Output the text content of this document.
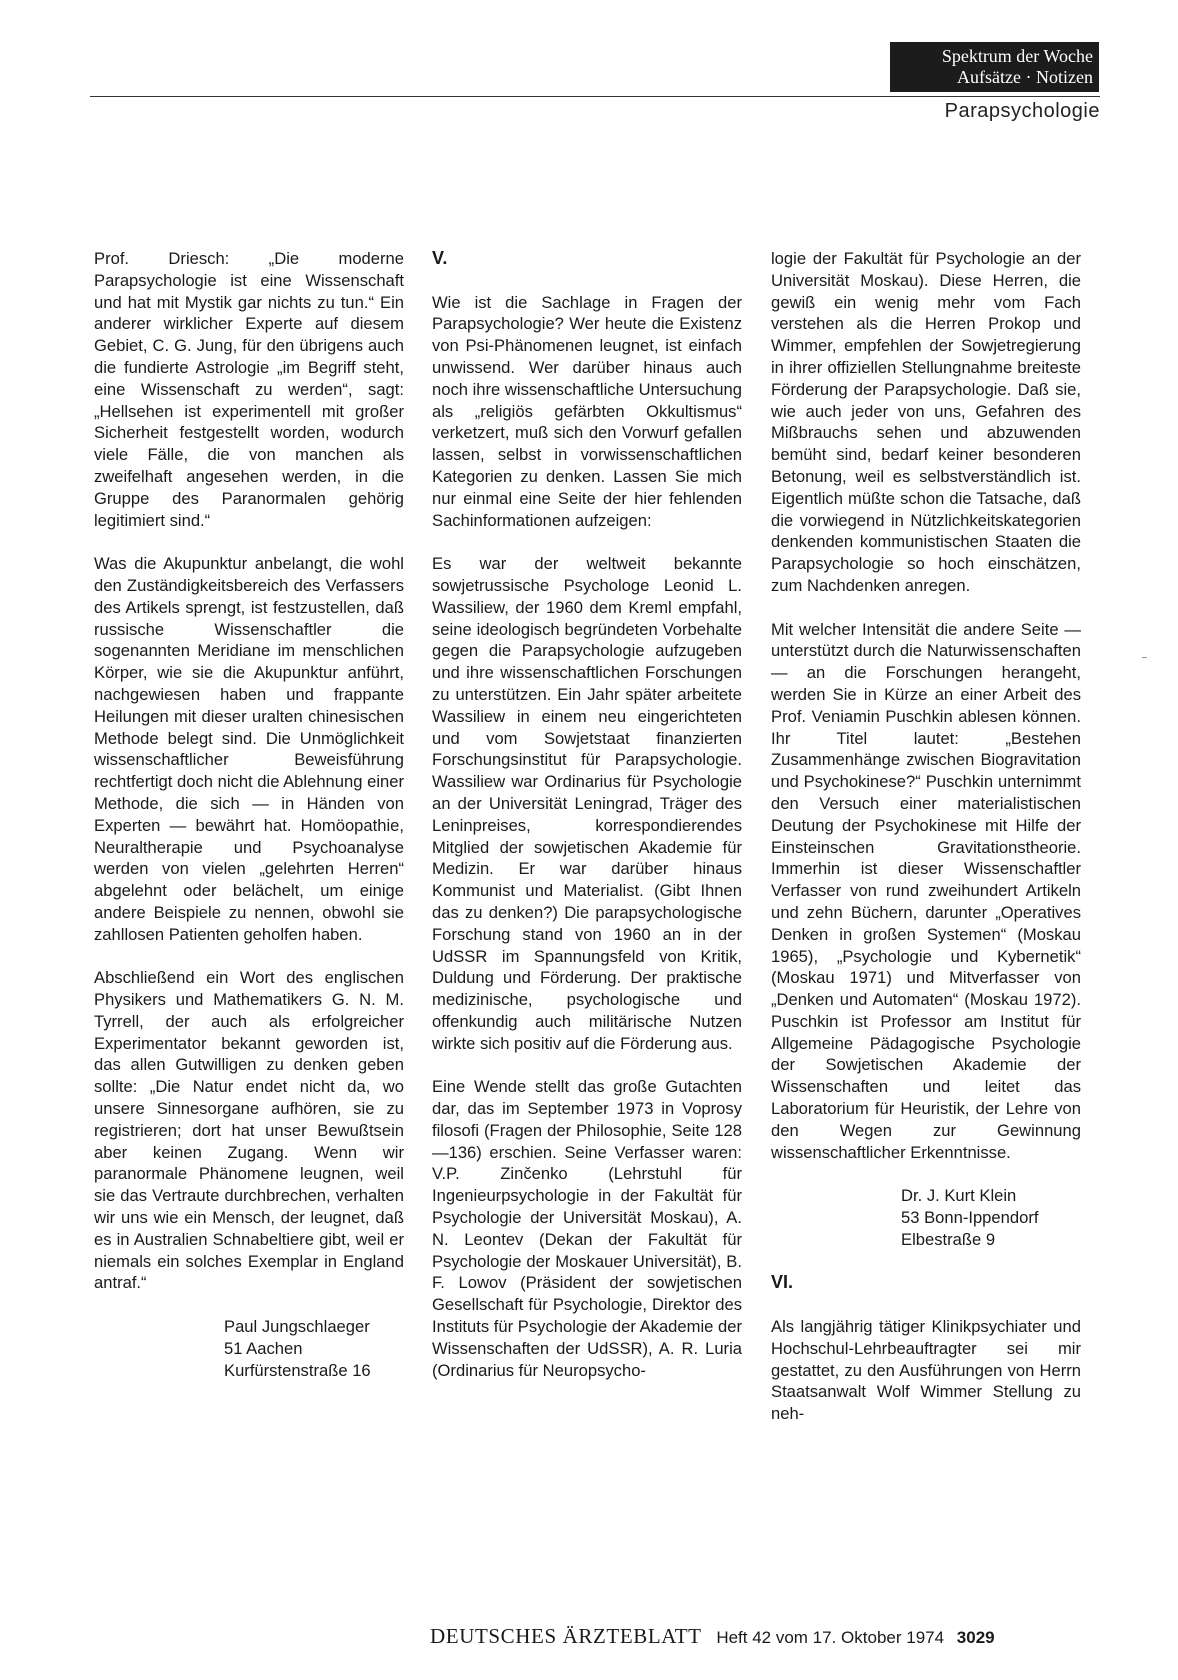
Spektrum der Woche
Aufsätze · Notizen
Parapsychologie

Prof. Driesch: „Die moderne Parapsychologie ist eine Wissenschaft und hat mit Mystik gar nichts zu tun.“ Ein anderer wirklicher Experte auf diesem Gebiet, C. G. Jung, für den übrigens auch die fundierte Astrologie „im Begriff steht, eine Wissenschaft zu werden“, sagt: „Hellsehen ist experimentell mit großer Sicherheit festgestellt worden, wodurch viele Fälle, die von manchen als zweifelhaft angesehen werden, in die Gruppe des Paranormalen gehörig legitimiert sind.“

Was die Akupunktur anbelangt, die wohl den Zuständigkeitsbereich des Verfassers des Artikels sprengt, ist festzustellen, daß russische Wissenschaftler die sogenannten Meridiane im menschlichen Körper, wie sie die Akupunktur anführt, nachgewiesen haben und frappante Heilungen mit dieser uralten chinesischen Methode belegt sind. Die Unmöglichkeit wissenschaftlicher Beweisführung rechtfertigt doch nicht die Ablehnung einer Methode, die sich — in Händen von Experten — bewährt hat. Homöopathie, Neuraltherapie und Psychoanalyse werden von vielen „gelehrten Herren“ abgelehnt oder belächelt, um einige andere Beispiele zu nennen, obwohl sie zahllosen Patienten geholfen haben.

Abschließend ein Wort des englischen Physikers und Mathematikers G. N. M. Tyrrell, der auch als erfolgreicher Experimentator bekannt geworden ist, das allen Gutwilligen zu denken geben sollte: „Die Natur endet nicht da, wo unsere Sinnesorgane aufhören, sie zu registrieren; dort hat unser Bewußtsein aber keinen Zugang. Wenn wir paranormale Phänomene leugnen, weil sie das Vertraute durchbrechen, verhalten wir uns wie ein Mensch, der leugnet, daß es in Australien Schnabeltiere gibt, weil er niemals ein solches Exemplar in England antraf.“

Paul Jungschlaeger
51 Aachen
Kurfürstenstraße 16
V.

Wie ist die Sachlage in Fragen der Parapsychologie? Wer heute die Existenz von Psi-Phänomenen leugnet, ist einfach unwissend. Wer darüber hinaus auch noch ihre wissenschaftliche Untersuchung als „religiös gefärbten Okkultismus“ verketzert, muß sich den Vorwurf gefallen lassen, selbst in vorwissenschaftlichen Kategorien zu denken. Lassen Sie mich nur einmal eine Seite der hier fehlenden Sachinformationen aufzeigen:

Es war der weltweit bekannte sowjetrussische Psychologe Leonid L. Wassiliew, der 1960 dem Kreml empfahl, seine ideologisch begründeten Vorbehalte gegen die Parapsychologie aufzugeben und ihre wissenschaftlichen Forschungen zu unterstützen. Ein Jahr später arbeitete Wassiliew in einem neu eingerichteten und vom Sowjetstaat finanzierten Forschungsinstitut für Parapsychologie. Wassiliew war Ordinarius für Psychologie an der Universität Leningrad, Träger des Leninpreises, korrespondierendes Mitglied der sowjetischen Akademie für Medizin. Er war darüber hinaus Kommunist und Materialist. (Gibt Ihnen das zu denken?) Die parapsychologische Forschung stand von 1960 an in der UdSSR im Spannungsfeld von Kritik, Duldung und Förderung. Der praktische medizinische, psychologische und offenkundig auch militärische Nutzen wirkte sich positiv auf die Förderung aus.

Eine Wende stellt das große Gutachten dar, das im September 1973 in Voprosy filosofi (Fragen der Philosophie, Seite 128—136) erschien. Seine Verfasser waren: V.P. Zinčenko (Lehrstuhl für Ingenieurpsychologie in der Fakultät für Psychologie der Universität Moskau), A. N. Leontev (Dekan der Fakultät für Psychologie der Moskauer Universität), B. F. Lowov (Präsident der sowjetischen Gesellschaft für Psychologie, Direktor des Instituts für Psychologie der Akademie der Wissenschaften der UdSSR), A. R. Luria (Ordinarius für Neuropsycho-

logie der Fakultät für Psychologie an der Universität Moskau). Diese Herren, die gewiß ein wenig mehr vom Fach verstehen als die Herren Prokop und Wimmer, empfehlen der Sowjetregierung in ihrer offiziellen Stellungnahme breiteste Förderung der Parapsychologie. Daß sie, wie auch jeder von uns, Gefahren des Mißbrauchs sehen und abzuwenden bemüht sind, bedarf keiner besonderen Betonung, weil es selbstverständlich ist. Eigentlich müßte schon die Tatsache, daß die vorwiegend in Nützlichkeitskategorien denkenden kommunistischen Staaten die Parapsychologie so hoch einschätzen, zum Nachdenken anregen.

Mit welcher Intensität die andere Seite — unterstützt durch die Naturwissenschaften — an die Forschungen herangeht, werden Sie in Kürze an einer Arbeit des Prof. Veniamin Puschkin ablesen können. Ihr Titel lautet: „Bestehen Zusammenhänge zwischen Biogravitation und Psychokinese?“ Puschkin unternimmt den Versuch einer materialistischen Deutung der Psychokinese mit Hilfe der Einsteinschen Gravitationstheorie. Immerhin ist dieser Wissenschaftler Verfasser von rund zweihundert Artikeln und zehn Büchern, darunter „Operatives Denken in großen Systemen“ (Moskau 1965), „Psychologie und Kybernetik“ (Moskau 1971) und Mitverfasser von „Denken und Automaten“ (Moskau 1972). Puschkin ist Professor am Institut für Allgemeine Pädagogische Psychologie der Sowjetischen Akademie der Wissenschaften und leitet das Laboratorium für Heuristik, der Lehre von den Wegen zur Gewinnung wissenschaftlicher Erkenntnisse.

Dr. J. Kurt Klein
53 Bonn-Ippendorf
Elbestraße 9
VI.

Als langjährig tätiger Klinikpsychiater und Hochschul-Lehrbeauftragter sei mir gestattet, zu den Ausführungen von Herrn Staatsanwalt Wolf Wimmer Stellung zu neh-

DEUTSCHES ÄRZTEBLATT Heft 42 vom 17. Oktober 1974 3029
